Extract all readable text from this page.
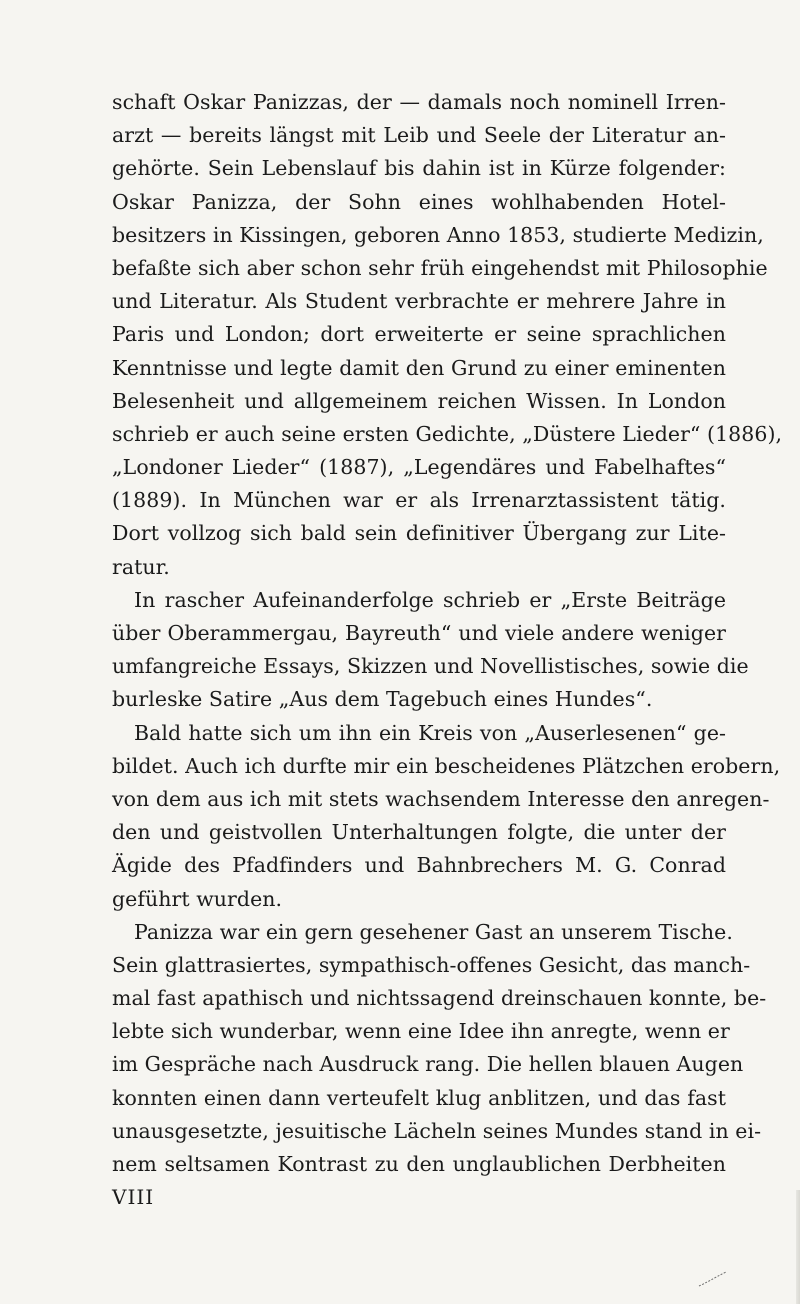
schaft Oskar Panizzas, der — damals noch nominell Irren-
arzt — bereits längst mit Leib und Seele der Literatur an-
gehörte. Sein Lebenslauf bis dahin ist in Kürze folgender:
Oskar Panizza, der Sohn eines wohlhabenden Hotel-
besitzers in Kissingen, geboren Anno 1853, studierte Medizin,
befaßte sich aber schon sehr früh eingehendst mit Philosophie
und Literatur. Als Student verbrachte er mehrere Jahre in
Paris und London; dort erweiterte er seine sprachlichen
Kenntnisse und legte damit den Grund zu einer eminenten
Belesenheit und allgemeinem reichen Wissen. In London
schrieb er auch seine ersten Gedichte, „Düstere Lieder“ (1886),
„Londoner Lieder“ (1887), „Legendäres und Fabelhaftes“
(1889). In München war er als Irrenarztassistent tätig.
Dort vollzog sich bald sein definitiver Übergang zur Lite-
ratur.
In rascher Aufeinanderfolge schrieb er „Erste Beiträge
über Oberammergau, Bayreuth“ und viele andere weniger
umfangreiche Essays, Skizzen und Novellistisches, sowie die
burleske Satire „Aus dem Tagebuch eines Hundes“.
Bald hatte sich um ihn ein Kreis von „Auserlesenen“ ge-
bildet. Auch ich durfte mir ein bescheidenes Plätzchen erobern,
von dem aus ich mit stets wachsendem Interesse den anregen-
den und geistvollen Unterhaltungen folgte, die unter der
Ägide des Pfadfinders und Bahnbrechers M. G. Conrad
geführt wurden.
Panizza war ein gern gesehener Gast an unserem Tische.
Sein glattrasiertes, sympathisch-offenes Gesicht, das manch-
mal fast apathisch und nichtssagend dreinschauen konnte, be-
lebte sich wunderbar, wenn eine Idee ihn anregte, wenn er
im Gespräche nach Ausdruck rang. Die hellen blauen Augen
konnten einen dann verteufelt klug anblitzen, und das fast
unausgesetzte, jesuitische Lächeln seines Mundes stand in ei-
nem seltsamen Kontrast zu den unglaublichen Derbheiten
VIII
